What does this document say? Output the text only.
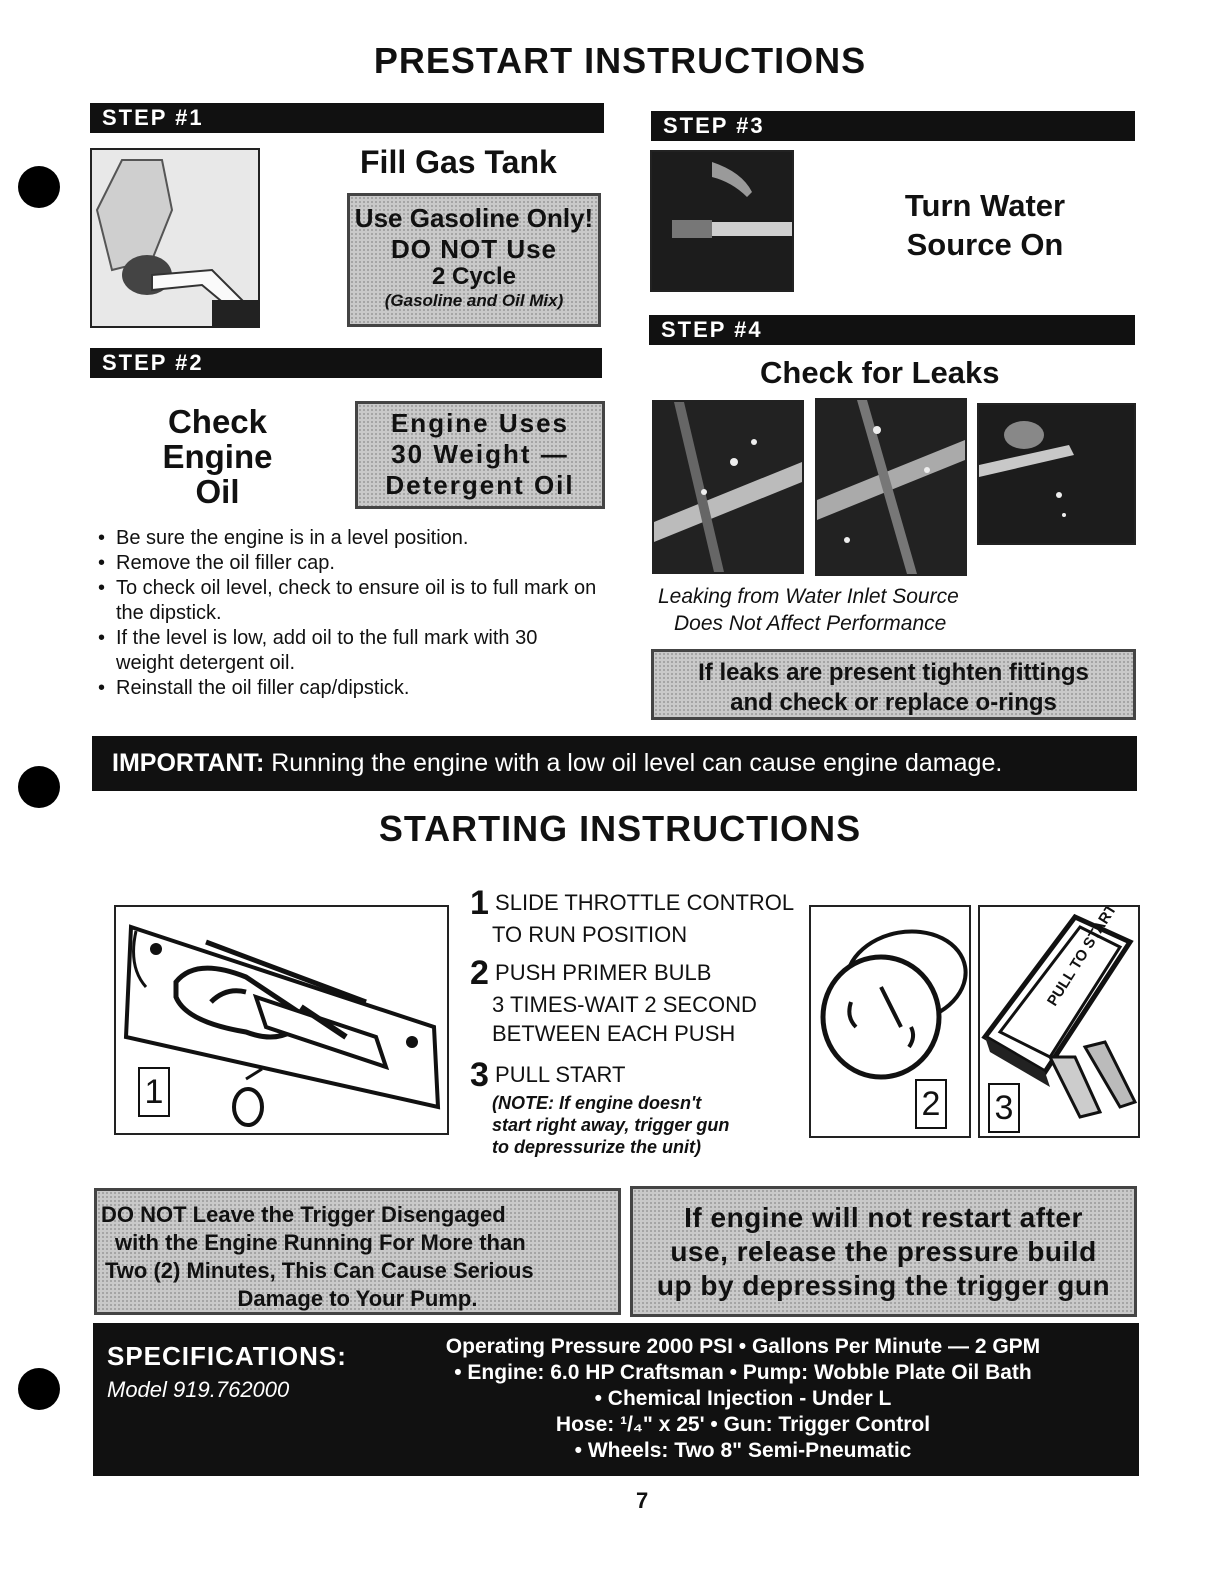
PRESTART INSTRUCTIONS
STEP #1
Fill Gas Tank
Use Gasoline Only!
DO NOT Use
2 Cycle
(Gasoline and Oil Mix)
STEP #2
Check
Engine
Oil
Engine Uses
30 Weight —
Detergent Oil
• Be sure the engine is in a level position.
• Remove the oil filler cap.
• To check oil level, check to ensure oil is to full mark on the dipstick.
• If the level is low, add oil to the full mark with 30 weight detergent oil.
• Reinstall the oil filler cap/dipstick.
STEP #3
Turn Water
Source On
STEP #4
Check for Leaks
Leaking from Water Inlet Source
Does Not Affect Performance
If leaks are present tighten fittings
and check or replace o-rings
IMPORTANT: Running the engine with a low oil level can cause engine damage.
STARTING INSTRUCTIONS
1
1 SLIDE THROTTLE CONTROL
TO RUN POSITION
2 PUSH PRIMER BULB
3 TIMES-WAIT 2 SECOND
BETWEEN EACH PUSH
3 PULL START
(NOTE: If engine doesn't
start right away, trigger gun
to depressurize the unit)
2
PULL TO START
3
DO NOT Leave the Trigger Disengaged
with the Engine Running For More than
Two (2) Minutes, This Can Cause Serious
Damage to Your Pump.
If engine will not restart after
use, release the pressure build
up by depressing the trigger gun
SPECIFICATIONS:
Model 919.762000
Operating Pressure 2000 PSI • Gallons Per Minute — 2 GPM
• Engine: 6.0 HP Craftsman • Pump: Wobble Plate Oil Bath
• Chemical Injection - Under L
Hose: ¹/₄" x 25' • Gun: Trigger Control
• Wheels: Two 8" Semi-Pneumatic
7
